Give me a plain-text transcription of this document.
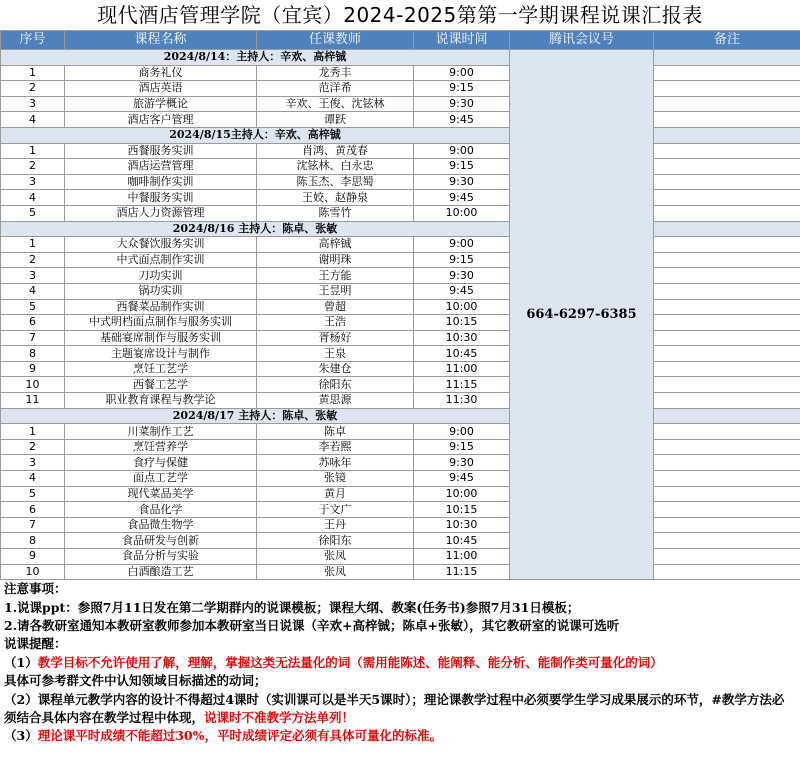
现代酒店管理学院（宜宾）2024-2025第第一学期课程说课汇报表
序号	课程名称	任课教师	说课时间	腾讯会议号	备注
2024/8/14：主持人：辛欢、高梓铖				664-6297-6385	
1	商务礼仪	龙秀丰	9:00		
2	酒店英语	范洋希	9:15		
3	旅游学概论	辛欢、王俊、沈铉林	9:30		
4	酒店客户管理	谭跃	9:45		
2024/8/15主持人：辛欢、高梓铖					
1	西餐服务实训	肖鸿、黄茂春	9:00		
2	酒店运营管理	沈铉林、白永忠	9:15		
3	咖啡制作实训	陈玉杰、李思蜀	9:30		
4	中餐服务实训	王姣、赵静泉	9:45		
5	酒店人力资源管理	陈雪竹	10:00		
2024/8/16 主持人：陈卓、张敏					
1	大众餐饮服务实训	高梓铖	9:00		
2	中式面点制作实训	谢明珠	9:15		
3	刀功实训	王方能	9:30		
4	锅功实训	王昱明	9:45		
5	西餐菜品制作实训	曾超	10:00		
6	中式明档面点制作与服务实训	王浩	10:15		
7	基础宴席制作与服务实训	胥杨好	10:30		
8	主题宴席设计与制作	王泉	10:45		
9	烹饪工艺学	朱建仓	11:00		
10	西餐工艺学	徐阳东	11:15		
11	职业教育课程与教学论	黄思源	11:30		
2024/8/17 主持人：陈卓、张敏					
1	川菜制作工艺	陈卓	9:00		
2	烹饪营养学	李若熙	9:15		
3	食疗与保健	苏咏年	9:30		
4	面点工艺学	张镜	9:45		
5	现代菜品美学	黄月	10:00		
6	食品化学	于文广	10:15		
7	食品微生物学	王丹	10:30		
8	食品研发与创新	徐阳东	10:45		
9	食品分析与实验	张凤	11:00		
10	白酒酿造工艺	张凤	11:15		
注意事项：
1.说课ppt：参照7月11日发在第二学期群内的说课模板；课程大纲、教案(任务书)参照7月31日模板；
2.请各教研室通知本教研室教师参加本教研室当日说课（辛欢+高梓铖；陈卓+张敏），其它教研室的说课可选听
说课提醒：
（1）教学目标不允许使用了解，理解，掌握这类无法量化的词（需用能陈述、能阐释、能分析、能制作类可量化的词）
具体可参考群文件中认知领域目标描述的动词；
（2）课程单元教学内容的设计不得超过4课时（实训课可以是半天5课时）；理论课教学过程中必须要学生学习成果展示的环节，#教学方法必须结合具体内容在教学过程中体现，说课时不准教学方法单列！
（3）理论课平时成绩不能超过30%，平时成绩评定必须有具体可量化的标准。
